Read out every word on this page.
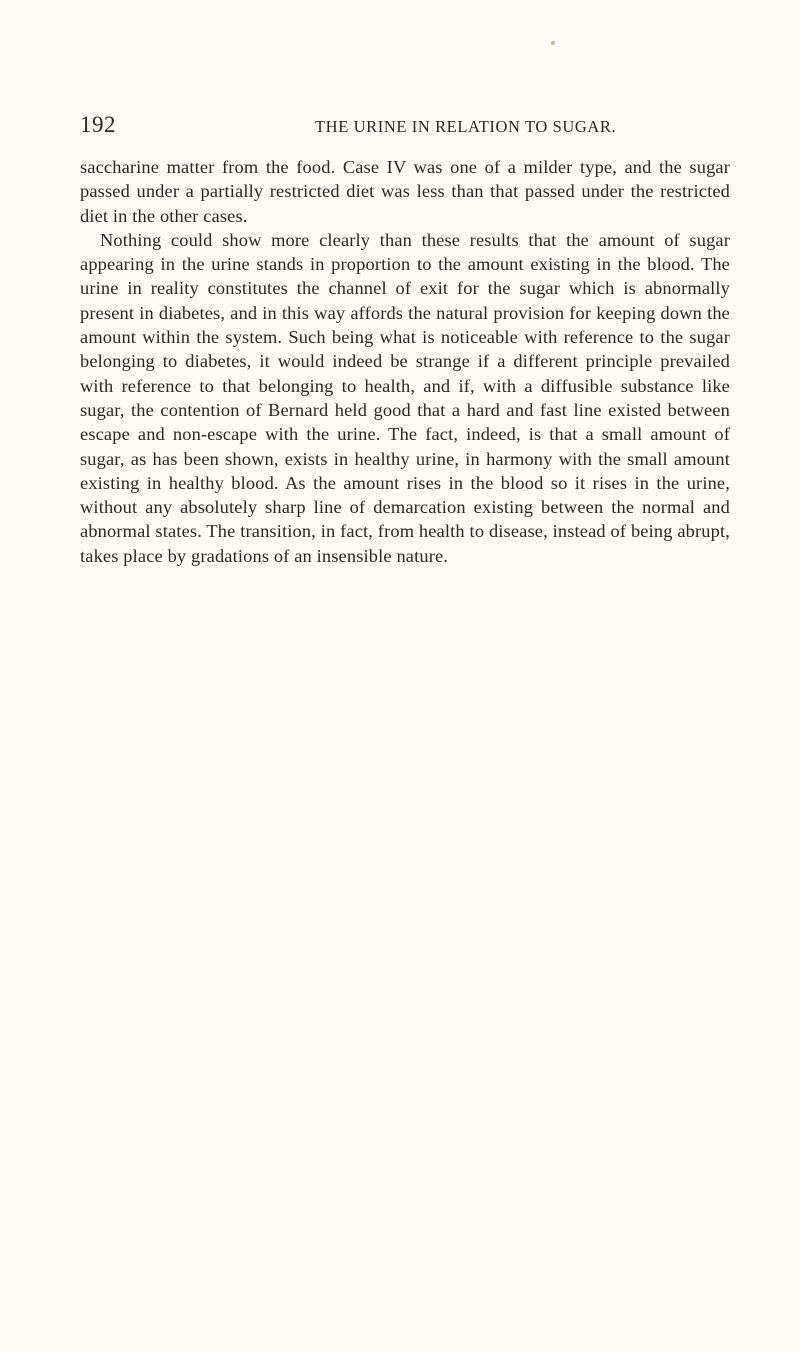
192	THE URINE IN RELATION TO SUGAR.

saccharine matter from the food. Case IV was one of a milder type, and the sugar passed under a partially restricted diet was less than that passed under the restricted diet in the other cases.

Nothing could show more clearly than these results that the amount of sugar appearing in the urine stands in proportion to the amount existing in the blood. The urine in reality constitutes the channel of exit for the sugar which is abnormally present in diabetes, and in this way affords the natural provision for keeping down the amount within the system. Such being what is noticeable with reference to the sugar belonging to diabetes, it would indeed be strange if a different principle prevailed with reference to that belonging to health, and if, with a diffusible substance like sugar, the contention of Bernard held good that a hard and fast line existed between escape and non-escape with the urine. The fact, indeed, is that a small amount of sugar, as has been shown, exists in healthy urine, in harmony with the small amount existing in healthy blood. As the amount rises in the blood so it rises in the urine, without any absolutely sharp line of demarcation existing between the normal and abnormal states. The transition, in fact, from health to disease, instead of being abrupt, takes place by gradations of an insensible nature.
